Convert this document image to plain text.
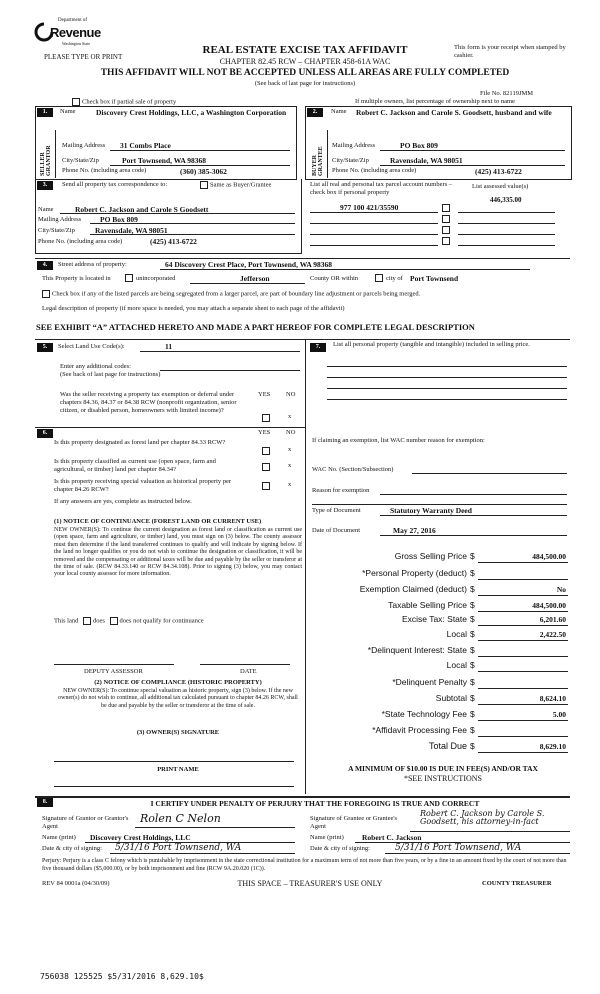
Department of
Revenue
Washington State
PLEASE TYPE OR PRINT
REAL ESTATE EXCISE TAX AFFIDAVIT
CHAPTER 82.45 RCW – CHAPTER 458-61A WAC
This form is your receipt when stamped by cashier.
THIS AFFIDAVIT WILL NOT BE ACCEPTED UNLESS ALL AREAS ARE FULLY COMPLETED
(See back of last page for instructions)
File No. 82119JMM
Check box if partial sale of property	If multiple owners, list percentage of ownership next to name
1.
SELLER GRANTOR
Name	Discovery Crest Holdings, LLC, a Washington Corporation
Mailing Address 31 Combs Place
City/State/Zip	Port Townsend, WA 98368
Phone No. (including area code)	(360) 385-3062
2.
BUYER GRANTEE
Name Robert C. Jackson and Carole S. Goodsett, husband and wife
Mailing Address	PO Box 809
City/State/Zip	Ravensdale, WA 98051
Phone No. (including area code)	(425) 413-6722
3.	Send all property tax correspondence to:	Same as Buyer/Grantee
Name	Robert C. Jackson and Carole S Goodsett
Mailing Address	PO Box 809
City/State/Zip	Ravensdale, WA 98051
Phone No. (including area code)	(425) 413-6722
List all real and personal tax parcel account numbers – check box if personal property
List assessed value(s)
446,335.00
977 100 421/35590
4.	Street address of property:	64 Discovery Crest Place, Port Townsend, WA 98368
This Property is located in	unincorporated	Jefferson	County OR within	city of Port Townsend
Check box if any of the listed parcels are being segregated from a larger parcel, are part of boundary line adjustment or parcels being merged.
Legal description of property (if more space is needed, you may attach a separate sheet to each page of the affidavit)
SEE EXHIBIT “A” ATTACHED HERETO AND MADE A PART HEREOF FOR COMPLETE LEGAL DESCRIPTION
5.	Select Land Use Code(s):	11
Enter any additional codes:
(See back of last page for instructions)
YES NO
Was the seller receiving a property tax exemption or deferral under chapters 84.36, 84.37 or 84.38 RCW (nonprofit organization, senior citizen, or disabled person, homeowners with limited income)?
x
6.	YES NO
Is this property designated as forest land per chapter 84.33 RCW?
x
Is this property classified as current use (open space, farm and agricultural, or timber) land per chapter 84.34?
x
Is this property receiving special valuation as historical property per chapter 84.26 RCW?
x
If any answers are yes, complete as instructed below.
(1) NOTICE OF CONTINUANCE (FOREST LAND OR CURRENT USE)
NEW OWNER(S): To continue the current designation as forest land or classification as current use (open space, farm and agriculture, or timber) land, you must sign on (3) below. The county assessor must then determine if the land transferred continues to qualify and will indicate by signing below. If the land no longer qualifies or you do not wish to continue the designation or classification, it will be removed and the compensating or additional taxes will be due and payable by the seller or transferor at the time of sale. (RCW 84.33.140 or RCW 84.34.108). Prior to signing (3) below, you may contact your local county assessor for more information.
This land does does not qualify for continuance
DEPUTY ASSESSOR	DATE
(2) NOTICE OF COMPLIANCE (HISTORIC PROPERTY)
NEW OWNER(S): To continue special valuation as historic property, sign (3) below. If the new owner(s) do not wish to continue, all additional tax calculated pursuant to chapter 84.26 RCW, shall be due and payable by the seller or transferor at the time of sale.
(3) OWNER(S) SIGNATURE
PRINT NAME
7.	List all personal property (tangible and intangible) included in selling price.
If claiming an exemption, list WAC number reason for exemption:
WAC No. (Section/Subsection)
Reason for exemption
Type of Document	Statutory Warranty Deed
Date of Document	May 27, 2016
Gross Selling Price $	484,500.00
*Personal Property (deduct) $
Exemption Claimed (deduct) $	No
Taxable Selling Price $	484,500.00
Excise Tax: State $	6,201.60
Local $	2,422.50
*Delinquent Interest: State $
Local $
*Delinquent Penalty $
Subtotal $	8,624.10
*State Technology Fee $	5.00
*Affidavit Processing Fee $
Total Due $	8,629.10
A MINIMUM OF $10.00 IS DUE IN FEE(S) AND/OR TAX
*SEE INSTRUCTIONS
8.	I CERTIFY UNDER PENALTY OF PERJURY THAT THE FOREGOING IS TRUE AND CORRECT
Signature of Grantor or Grantor's Agent
Rolen C Nelon
Name (print) Discovery Crest Holdings, LLC
Date & city of signing: 5/31/16 Port Townsend, WA
Signature of Grantee or Grantee's Agent
Robert C. Jackson by Carole S. Goodsett, his attorney-in-fact
Name (print) Robert C. Jackson
Date & city of signing:	5/31/16 Port Townsend, WA
Perjury: Perjury is a class C felony which is punishable by imprisonment in the state correctional institution for a maximum term of not more than five years, or by a fine in an amount fixed by the court of not more than five thousand dollars ($5,000.00), or by both imprisonment and fine (RCW 9A.20.020 (1C)).
REV 84 0001a (04/30/09)	THIS SPACE – TREASURER'S USE ONLY	COUNTY TREASURER
756038 125525 $5/31/2016 8,629.10$
